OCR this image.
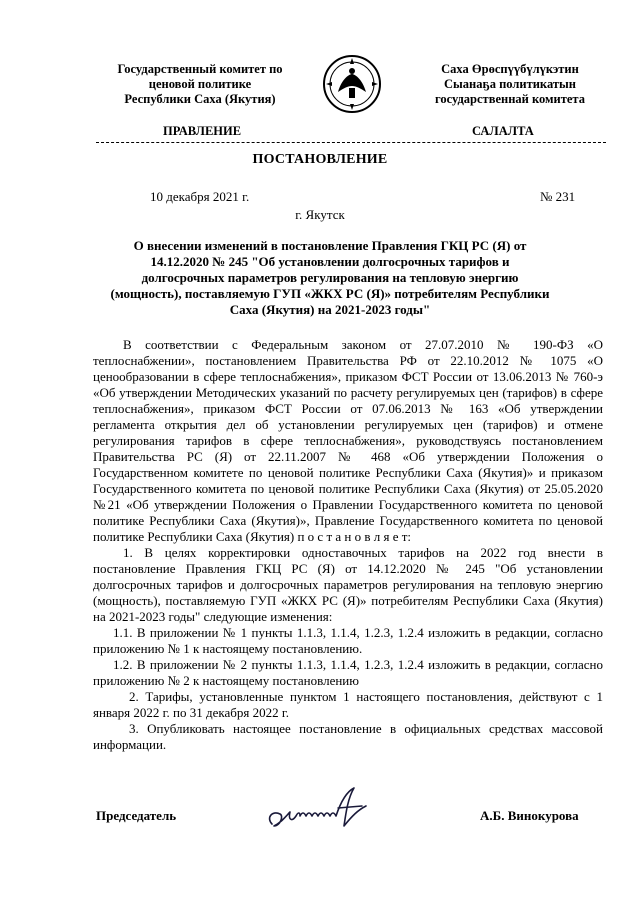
Государственный комитет по
ценовой политике
Республики Саха (Якутия)
Саха Өрөспүүбүлүкэтин
Сыанаҕа политикатын
государственнай комитета
ПРАВЛЕНИЕ	САЛАЛТА
ПОСТАНОВЛЕНИЕ
10 декабря 2021 г.	№ 231
г. Якутск
О внесении изменений в постановление Правления ГКЦ РС (Я) от 14.12.2020 № 245 "Об установлении долгосрочных тарифов и долгосрочных параметров регулирования на тепловую энергию (мощность), поставляемую ГУП «ЖКХ РС (Я)» потребителям Республики Саха (Якутия) на 2021-2023 годы"

В соответствии с Федеральным законом от 27.07.2010 № 190-ФЗ «О теплоснабжении», постановлением Правительства РФ от 22.10.2012 № 1075 «О ценообразовании в сфере теплоснабжения», приказом ФСТ России от 13.06.2013 № 760-э «Об утверждении Методических указаний по расчету регулируемых цен (тарифов) в сфере теплоснабжения», приказом ФСТ России от 07.06.2013 № 163 «Об утверждении регламента открытия дел об установлении регулируемых цен (тарифов) и отмене регулирования тарифов в сфере теплоснабжения», руководствуясь постановлением Правительства РС (Я) от 22.11.2007 № 468 «Об утверждении Положения о Государственном комитете по ценовой политике Республики Саха (Якутия)» и приказом Государственного комитета по ценовой политике Республики Саха (Якутия) от 25.05.2020 №21 «Об утверждении Положения о Правлении Государственного комитета по ценовой политике Республики Саха (Якутия)», Правление Государственного комитета по ценовой политике Республики Саха (Якутия) п о с т а н о в л я е т:

1. В целях корректировки одноставочных тарифов на 2022 год внести в постановление Правления ГКЦ РС (Я) от 14.12.2020 № 245 "Об установлении долгосрочных тарифов и долгосрочных параметров регулирования на тепловую энергию (мощность), поставляемую ГУП «ЖКХ РС (Я)» потребителям Республики Саха (Якутия) на 2021-2023 годы" следующие изменения:

1.1. В приложении № 1 пункты 1.1.3, 1.1.4, 1.2.3, 1.2.4 изложить в редакции, согласно приложению № 1 к настоящему постановлению.

1.2. В приложении № 2 пункты 1.1.3, 1.1.4, 1.2.3, 1.2.4 изложить в редакции, согласно приложению № 2 к настоящему постановлению

2. Тарифы, установленные пунктом 1 настоящего постановления, действуют с 1 января 2022 г. по 31 декабря 2022 г.

3. Опубликовать настоящее постановление в официальных средствах массовой информации.

Председатель	А.Б. Винокурова
